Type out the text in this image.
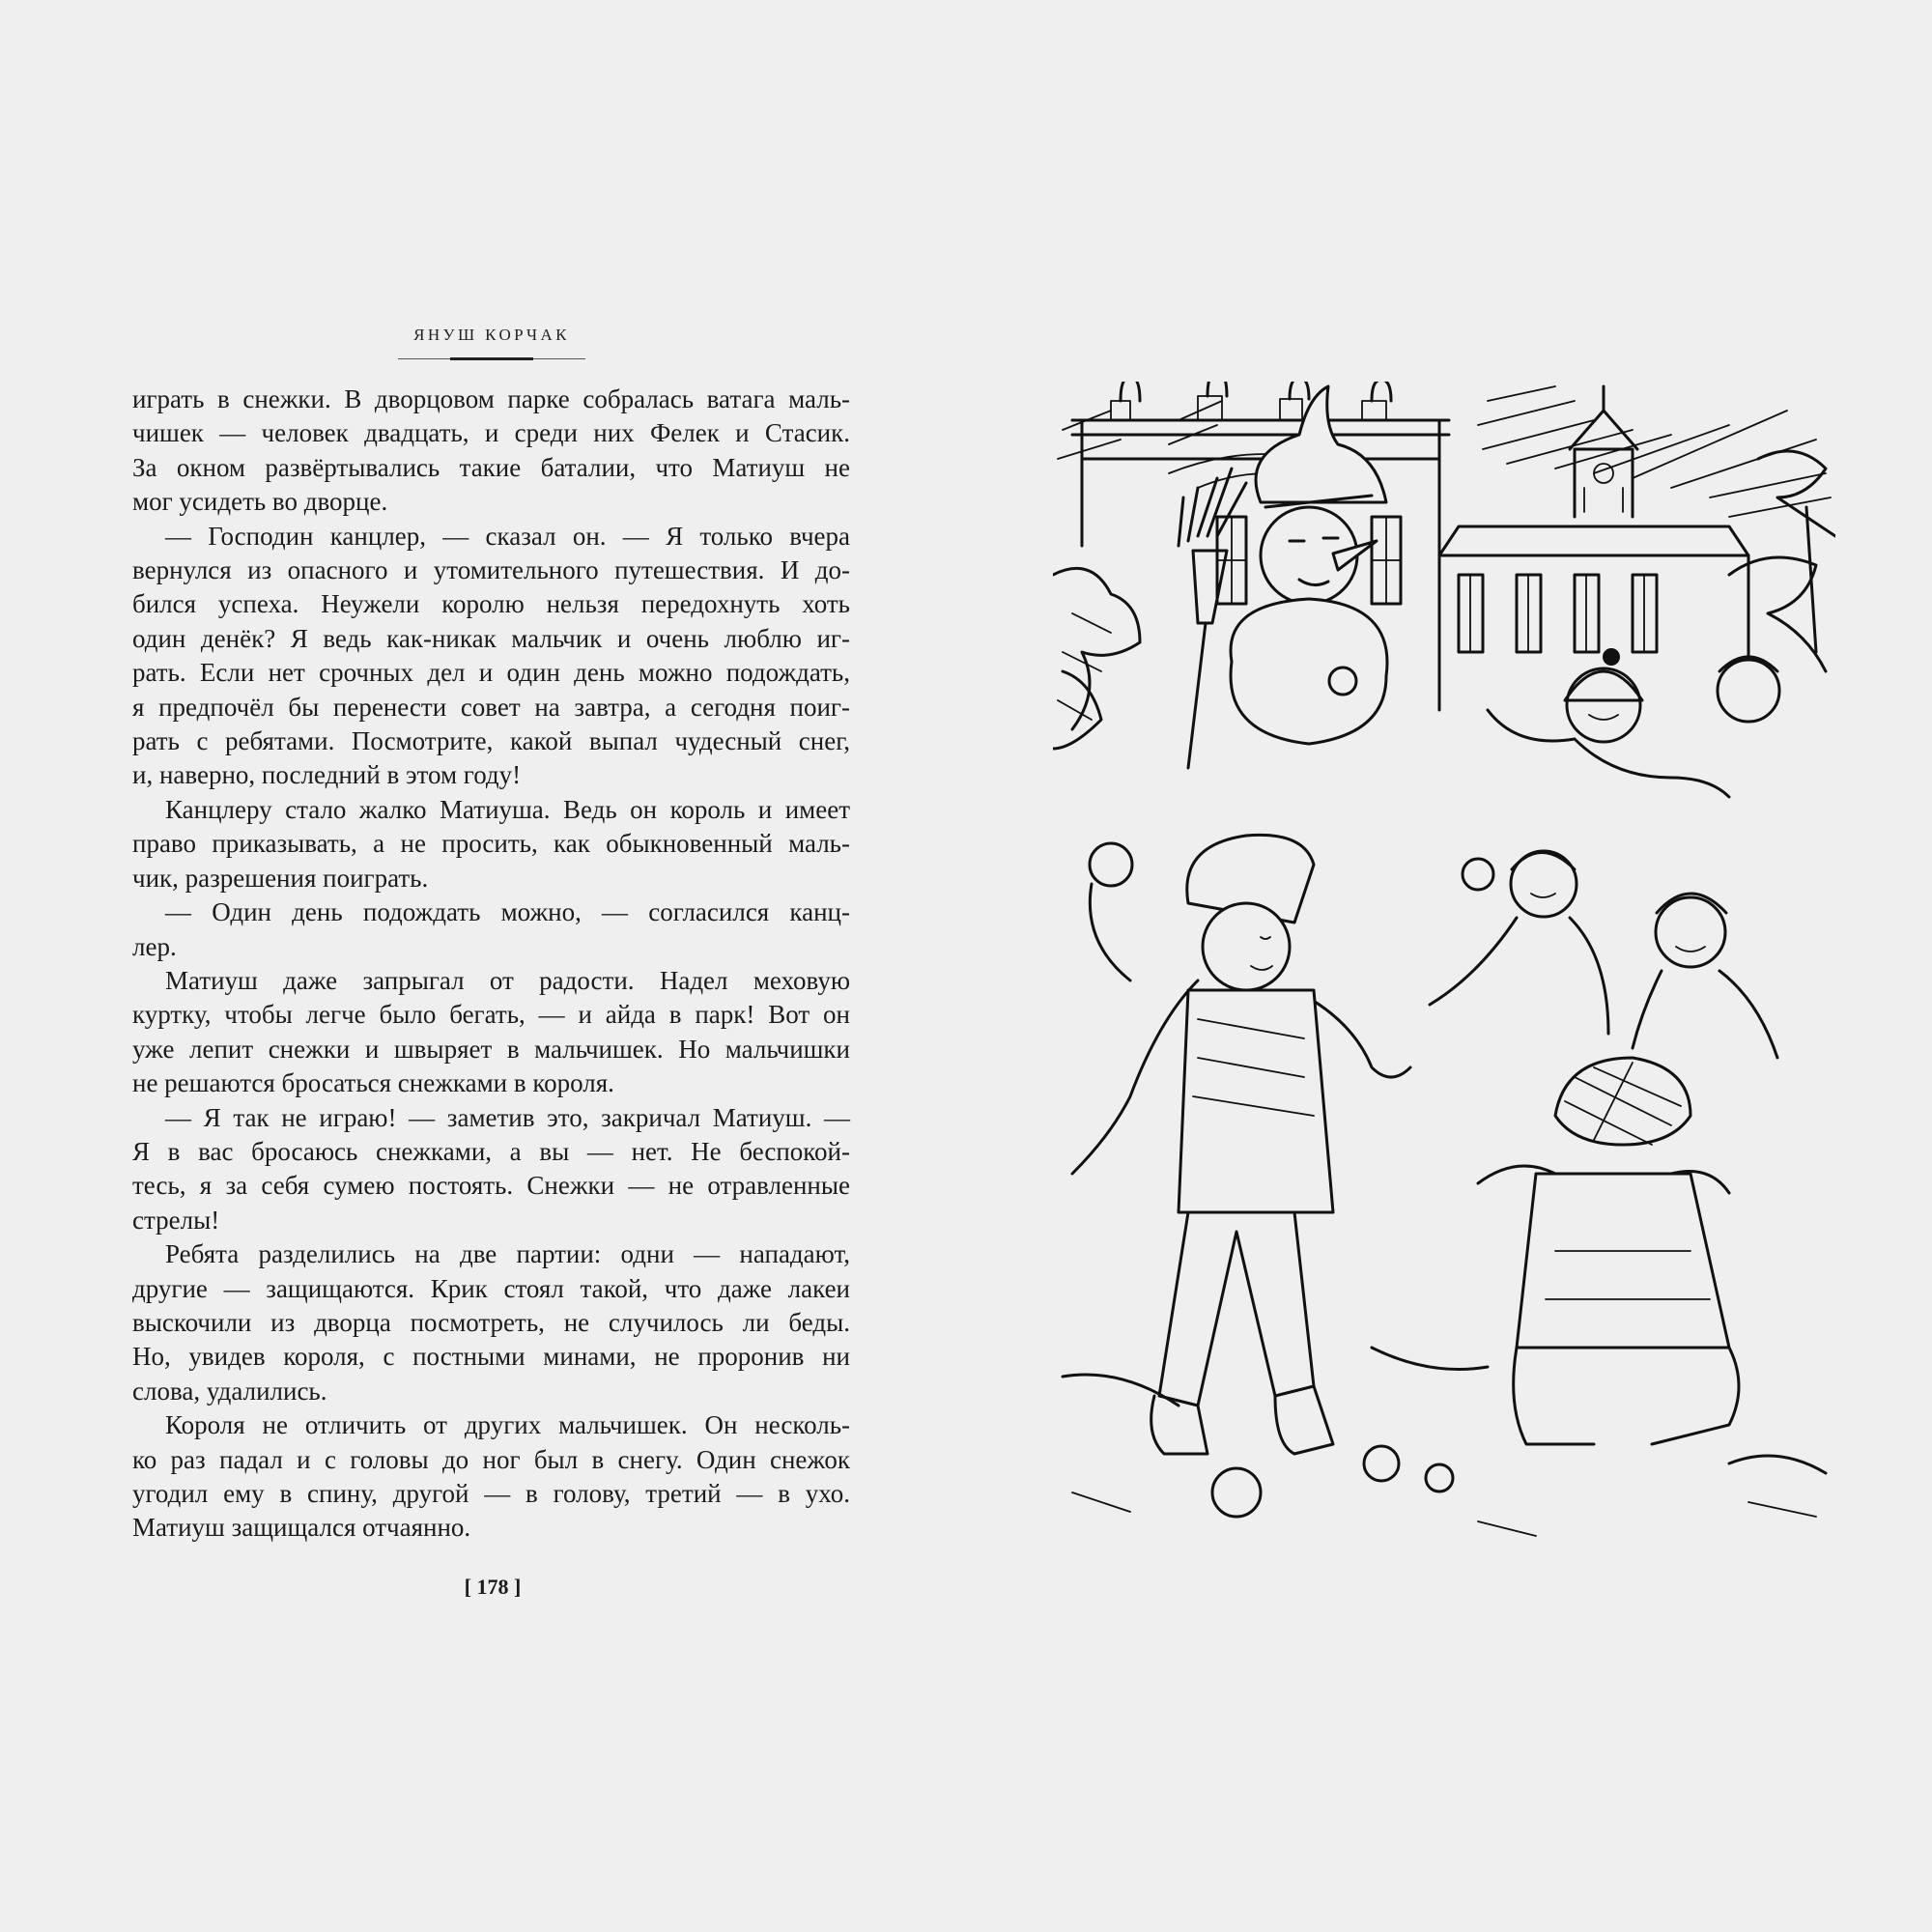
ЯНУШ КОРЧАК

играть в снежки. В дворцовом парке собралась ватага маль-

чишек — человек двадцать, и среди них Фелек и Стасик.

За окном развёртывались такие баталии, что Матиуш не

мог усидеть во дворце.

— Господин канцлер, — сказал он. — Я только вчера

вернулся из опасного и утомительного путешествия. И до-

бился успеха. Неужели королю нельзя передохнуть хоть

один денёк? Я ведь как-никак мальчик и очень люблю иг-

рать. Если нет срочных дел и один день можно подождать,

я предпочёл бы перенести совет на завтра, а сегодня поиг-

рать с ребятами. Посмотрите, какой выпал чудесный снег,

и, наверно, последний в этом году!

Канцлеру стало жалко Матиуша. Ведь он король и имеет

право приказывать, а не просить, как обыкновенный маль-

чик, разрешения поиграть.

— Один день подождать можно, — согласился канц-

лер.

Матиуш даже запрыгал от радости. Надел меховую

куртку, чтобы легче было бегать, — и айда в парк! Вот он

уже лепит снежки и швыряет в мальчишек. Но мальчишки

не решаются бросаться снежками в короля.

— Я так не играю! — заметив это, закричал Матиуш. —

Я в вас бросаюсь снежками, а вы — нет. Не беспокой-

тесь, я за себя сумею постоять. Снежки — не отравленные

стрелы!

Ребята разделились на две партии: одни — нападают,

другие — защищаются. Крик стоял такой, что даже лакеи

выскочили из дворца посмотреть, не случилось ли беды.

Но, увидев короля, с постными минами, не проронив ни

слова, удалились.

Короля не отличить от других мальчишек. Он несколь-

ко раз падал и с головы до ног был в снегу. Один снежок

угодил ему в спину, другой — в голову, третий — в ухо.

Матиуш защищался отчаянно.

[ 178 ]
